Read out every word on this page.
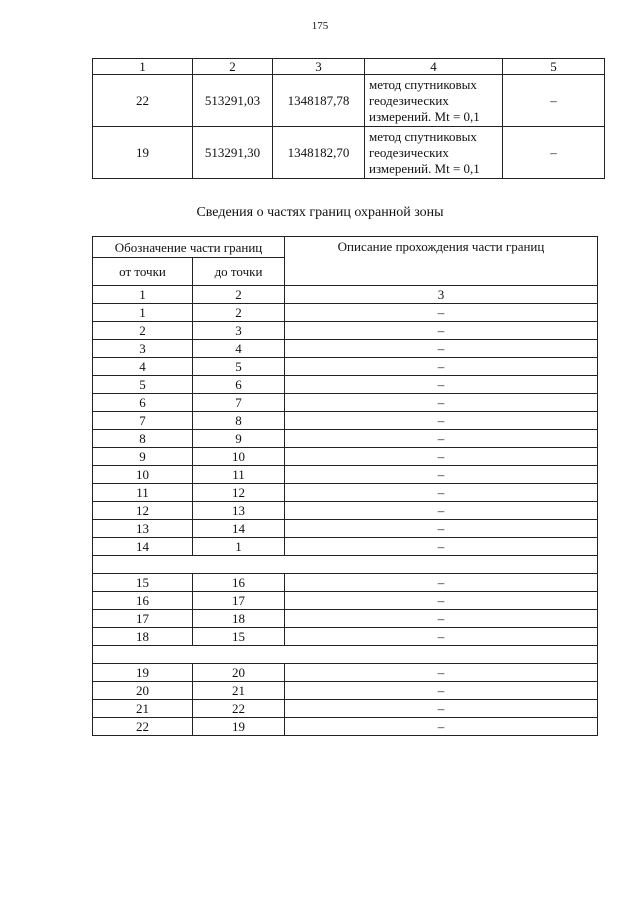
175
1	2	3	4	5
22	513291,03	1348187,78	метод спутниковых
геодезических
измерений. Mt = 0,1	–
19	513291,30	1348182,70	метод спутниковых
геодезических
измерений. Mt = 0,1	–
Сведения о частях границ охранной зоны
Обозначение части границ		Описание прохождения части границ
от точки	до точки	
1	2	3
1	2	–
2	3	–
3	4	–
4	5	–
5	6	–
6	7	–
7	8	–
8	9	–
9	10	–
10	11	–
11	12	–
12	13	–
13	14	–
14	1	–

15	16	–
16	17	–
17	18	–
18	15	–

19	20	–
20	21	–
21	22	–
22	19	–
